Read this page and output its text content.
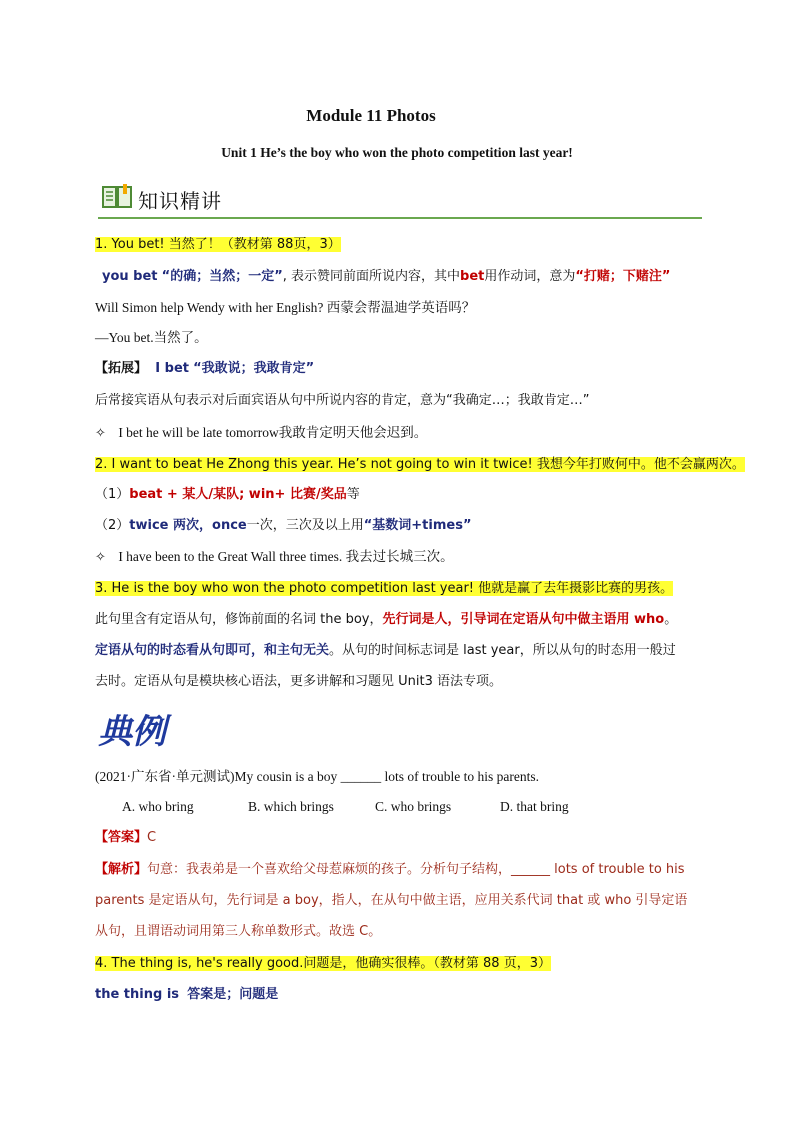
Module 11 Photos
Unit 1 He’s the boy who won the photo competition last year!
知识精讲
1. You bet! 当然了！（教材第 88页，3）
you bet “的确；当然；一定”, 表示赞同前面所说内容，其中bet用作动词，意为“打赌；下赌注”
Will Simon help Wendy with her English? 西蒙会帮温迪学英语吗？
—You bet.当然了。
【拓展】 I bet “我敢说；我敢肯定”
后常接宾语从句表示对后面宾语从句中所说内容的肯定，意为“我确定…；我敢肯定…”
✧ I bet he will be late tomorrow我敢肯定明天他会迟到。
2. I want to beat He Zhong this year. He’s not going to win it twice! 我想今年打败何中。他不会赢两次。
（1）beat + 某人/某队; win+ 比赛/奖品等
（2）twice 两次，once一次，三次及以上用“基数词+times”
✧ I have been to the Great Wall three times. 我去过长城三次。
3. He is the boy who won the photo competition last year! 他就是赢了去年摄影比赛的男孩。
此句里含有定语从句，修饰前面的名词 the boy，先行词是人，引导词在定语从句中做主语用 who。
定语从句的时态看从句即可，和主句无关。从句的时间标志词是 last year，所以从句的时态用一般过
去时。定语从句是模块核心语法，更多讲解和习题见 Unit3 语法专项。
典例
(2021·广东省·单元测试)My cousin is a boy ______ lots of trouble to his parents.
A. who bring	B. which brings	C. who brings	D. that bring
【答案】C
【解析】句意：我表弟是一个喜欢给父母惹麻烦的孩子。分析句子结构，______ lots of trouble to his
parents 是定语从句，先行词是 a boy，指人，在从句中做主语，应用关系代词 that 或 who 引导定语
从句，且谓语动词用第三人称单数形式。故选 C。
4. The thing is, he's really good.问题是，他确实很棒。（教材第 88 页，3）
the thing is 答案是；问题是
